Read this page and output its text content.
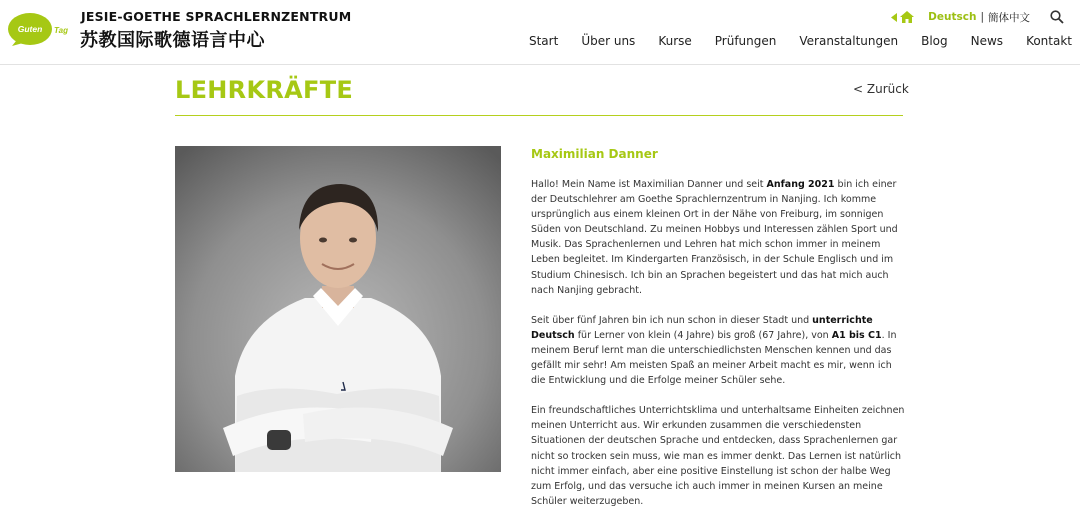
Guten Tag
JESIE-GOETHE SPRACHLERNZENTRUM
苏教国际歌德语言中心
Deutsch | 簡体中文
Start Über uns Kurse Prüfungen Veranstaltungen Blog News Kontakt
LEHRKRÄFTE	< Zurück
Maximilian Danner

Hallo! Mein Name ist Maximilian Danner und seit Anfang 2021 bin ich einer der Deutschlehrer am Goethe Sprachlernzentrum in Nanjing. Ich komme ursprünglich aus einem kleinen Ort in der Nähe von Freiburg, im sonnigen Süden von Deutschland. Zu meinen Hobbys und Interessen zählen Sport und Musik. Das Sprachenlernen und Lehren hat mich schon immer in meinem Leben begleitet. Im Kindergarten Französisch, in der Schule Englisch und im Studium Chinesisch. Ich bin an Sprachen begeistert und das hat mich auch nach Nanjing gebracht.

Seit über fünf Jahren bin ich nun schon in dieser Stadt und unterrichte Deutsch für Lerner von klein (4 Jahre) bis groß (67 Jahre), von A1 bis C1. In meinem Beruf lernt man die unterschiedlichsten Menschen kennen und das gefällt mir sehr! Am meisten Spaß an meiner Arbeit macht es mir, wenn ich die Entwicklung und die Erfolge meiner Schüler sehe.

Ein freundschaftliches Unterrichtsklima und unterhaltsame Einheiten zeichnen meinen Unterricht aus. Wir erkunden zusammen die verschiedensten Situationen der deutschen Sprache und entdecken, dass Sprachenlernen gar nicht so trocken sein muss, wie man es immer denkt. Das Lernen ist natürlich nicht immer einfach, aber eine positive Einstellung ist schon der halbe Weg zum Erfolg, und das versuche ich auch immer in meinen Kursen an meine Schüler weiterzugeben.
